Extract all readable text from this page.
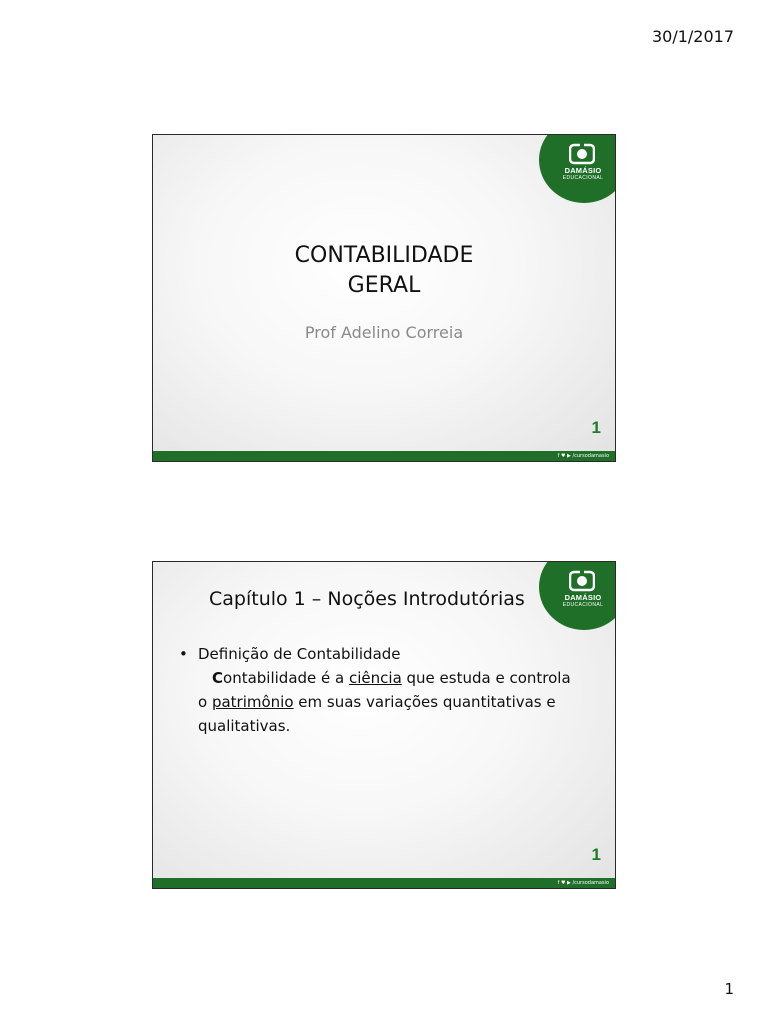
30/1/2017
DAMÁSIO
EDUCACIONAL
CONTABILIDADE
GERAL
Prof Adelino Correia
1
f ♥ ▶ /cursodamasio
DAMÁSIO
EDUCACIONAL
Capítulo 1 – Noções Introdutórias
• Definição de Contabilidade
Contabilidade é a ciência que estuda e controla o patrimônio em suas variações quantitativas e qualitativas.
1
f ♥ ▶ /cursodamasio
1
